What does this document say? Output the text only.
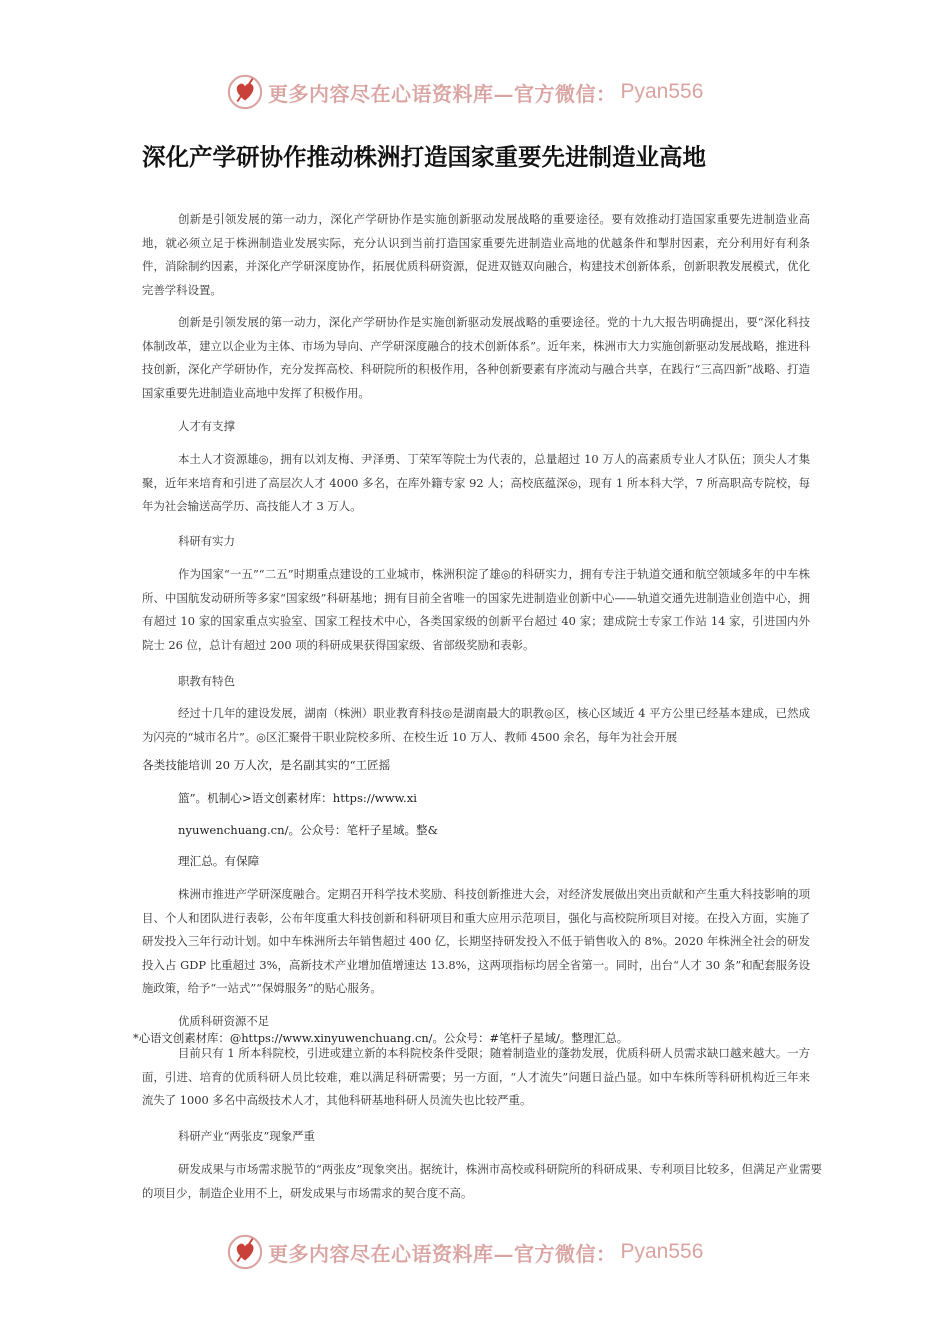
更多内容尽在心语资料库—官方微信： Pyan556
深化产学研协作推动株洲打造国家重要先进制造业高地

创新是引领发展的第一动力，深化产学研协作是实施创新驱动发展战略的重要途径。要有效推动打造国家重要先进制造业高地，就必须立足于株洲制造业发展实际，充分认识到当前打造国家重要先进制造业高地的优越条件和掣肘因素，充分利用好有利条件，消除制约因素，并深化产学研深度协作，拓展优质科研资源，促进双链双向融合，构建技术创新体系，创新职教发展模式，优化完善学科设置。

创新是引领发展的第一动力，深化产学研协作是实施创新驱动发展战略的重要途径。党的十九大报告明确提出，要“深化科技体制改革，建立以企业为主体、市场为导向、产学研深度融合的技术创新体系”。近年来，株洲市大力实施创新驱动发展战略，推进科技创新，深化产学研协作，充分发挥高校、科研院所的积极作用，各种创新要素有序流动与融合共享，在践行“三高四新”战略、打造国家重要先进制造业高地中发挥了积极作用。

人才有支撑

本土人才资源雄◎，拥有以刘友梅、尹泽勇、丁荣军等院士为代表的，总量超过 10 万人的高素质专业人才队伍；顶尖人才集聚，近年来培育和引进了高层次人才 4000 多名，在库外籍专家 92 人；高校底蕴深◎，现有 1 所本科大学，7 所高职高专院校，每年为社会输送高学历、高技能人才 3 万人。

科研有实力

作为国家“一五”“二五”时期重点建设的工业城市，株洲积淀了雄◎的科研实力，拥有专注于轨道交通和航空领域多年的中车株所、中国航发动研所等多家“国家级”科研基地；拥有目前全省唯一的国家先进制造业创新中心——轨道交通先进制造业创造中心，拥有超过 10 家的国家重点实验室、国家工程技术中心，各类国家级的创新平台超过 40 家；建成院士专家工作站 14 家，引进国内外院士 26 位，总计有超过 200 项的科研成果获得国家级、省部级奖励和表彰。

职教有特色

经过十几年的建设发展，湖南（株洲）职业教育科技◎是湖南最大的职教◎区，核心区域近 4 平方公里已经基本建成，已然成为闪亮的“城市名片”。◎区汇聚骨干职业院校多所、在校生近 10 万人、教师 4500 余名，每年为社会开展

各类技能培训 20 万人次，是名副其实的“工匠摇

篮”。机制心>语文创素材库：https://www.xi

nyuwenchuang.cn/。公众号：笔杆子星域。整&

理汇总。有保障

株洲市推进产学研深度融合。定期召开科学技术奖励、科技创新推进大会，对经济发展做出突出贡献和产生重大科技影响的项目、个人和团队进行表彰，公布年度重大科技创新和科研项目和重大应用示范项目，强化与高校院所项目对接。在投入方面，实施了研发投入三年行动计划。如中车株洲所去年销售超过 400 亿，长期坚持研发投入不低于销售收入的 8%。2020 年株洲全社会的研发投入占 GDP 比重超过 3%，高新技术产业增加值增速达 13.8%，这两项指标均居全省第一。同时，出台“人才 30 条”和配套服务设施政策，给予“一站式”“保姆服务”的贴心服务。

优质科研资源不足

*心语文创素材库：@https://www.xinyuwenchuang.cn/。公众号：#笔杆子星域/。整理汇总。

目前只有 1 所本科院校，引进或建立新的本科院校条件受限；随着制造业的蓬勃发展，优质科研人员需求缺口越来越大。一方面，引进、培育的优质科研人员比较难，难以满足科研需要；另一方面，“人才流失”问题日益凸显。如中车株所等科研机构近三年来流失了 1000 多名中高级技术人才，其他科研基地科研人员流失也比较严重。

科研产业“两张皮”现象严重

研发成果与市场需求脱节的“两张皮”现象突出。据统计，株洲市高校或科研院所的科研成果、专利项目比较多，但满足产业需要的项目少，制造企业用不上，研发成果与市场需求的契合度不高。

更多内容尽在心语资料库—官方微信： Pyan556
